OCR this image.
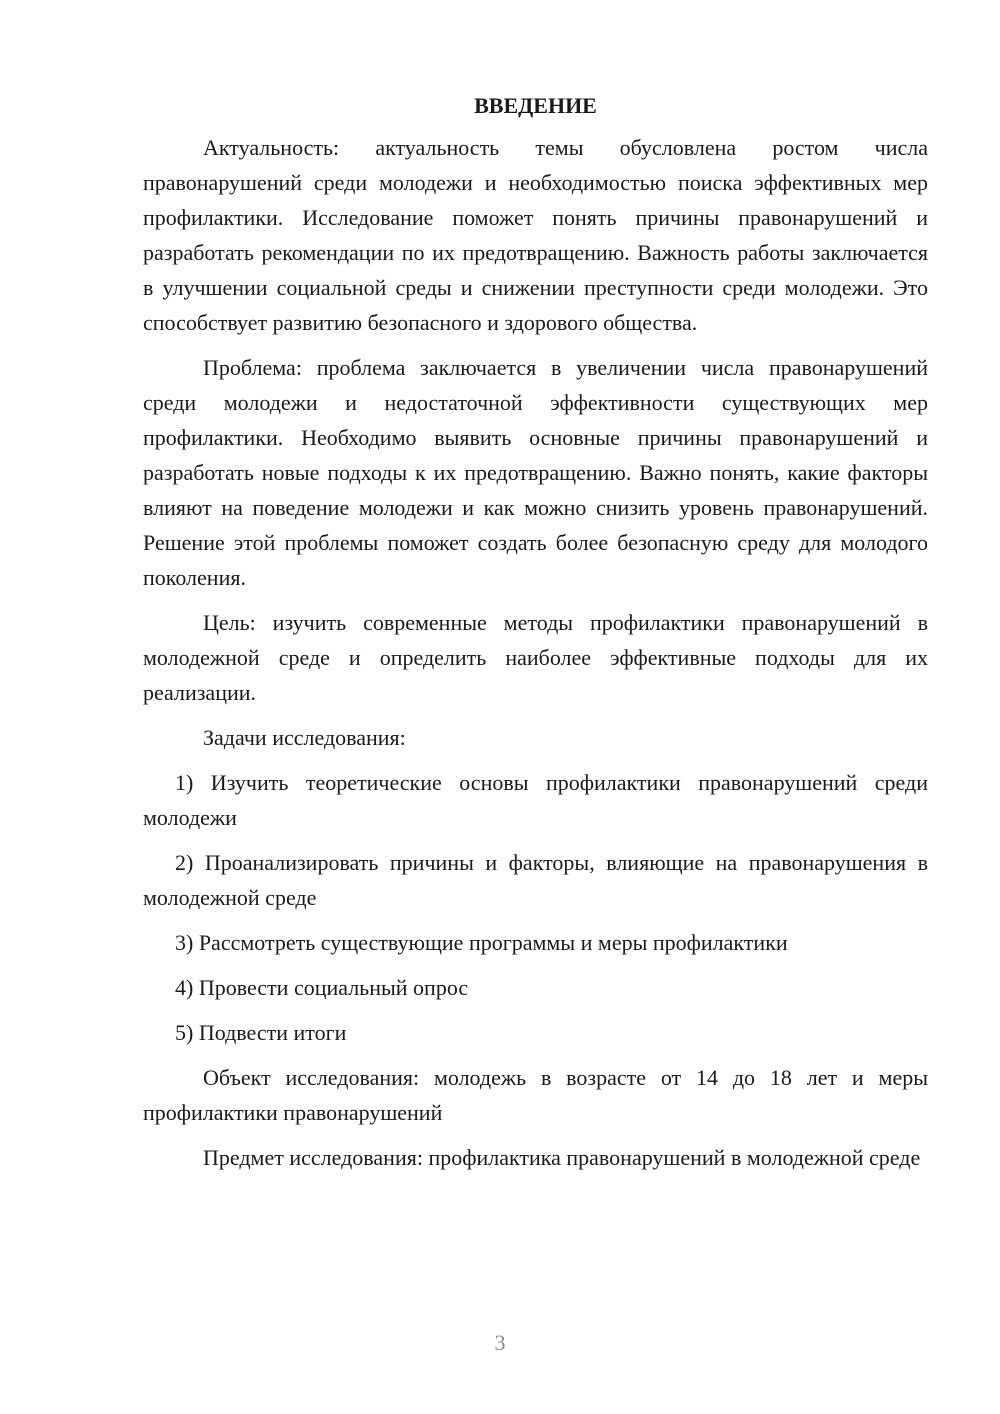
ВВЕДЕНИЕ

Актуальность: актуальность темы обусловлена ростом числа правонарушений среди молодежи и необходимостью поиска эффективных мер профилактики. Исследование поможет понять причины правонарушений и разработать рекомендации по их предотвращению. Важность работы заключается в улучшении социальной среды и снижении преступности среди молодежи. Это способствует развитию безопасного и здорового общества.

Проблема: проблема заключается в увеличении числа правонарушений среди молодежи и недостаточной эффективности существующих мер профилактики. Необходимо выявить основные причины правонарушений и разработать новые подходы к их предотвращению. Важно понять, какие факторы влияют на поведение молодежи и как можно снизить уровень правонарушений. Решение этой проблемы поможет создать более безопасную среду для молодого поколения.

Цель: изучить современные методы профилактики правонарушений в молодежной среде и определить наиболее эффективные подходы для их реализации.

Задачи исследования:

1) Изучить теоретические основы профилактики правонарушений среди молодежи

2) Проанализировать причины и факторы, влияющие на правонарушения в молодежной среде

3) Рассмотреть существующие программы и меры профилактики

4) Провести социальный опрос

5) Подвести итоги

Объект исследования: молодежь в возрасте от 14 до 18 лет и меры профилактики правонарушений

Предмет исследования: профилактика правонарушений в молодежной среде

3
